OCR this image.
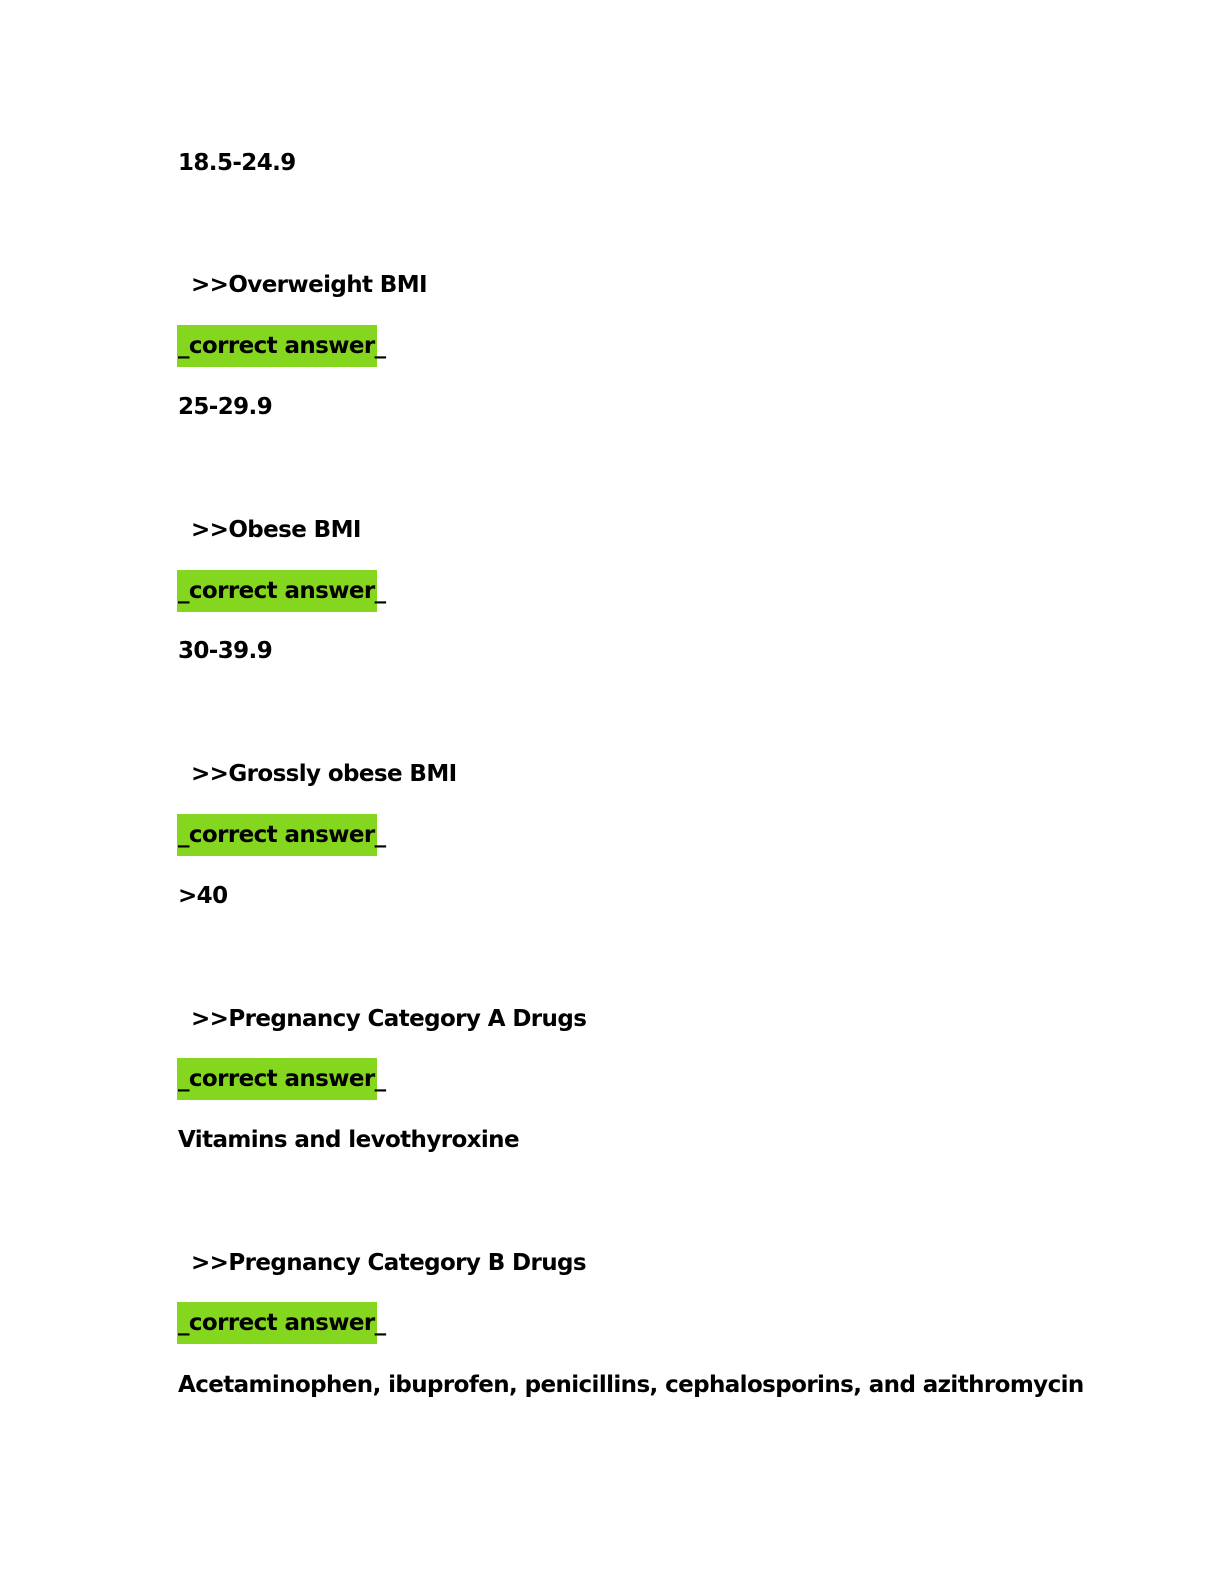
18.5-24.9
>>Overweight BMI
_correct answer_
25-29.9
>>Obese BMI
_correct answer_
30-39.9
>>Grossly obese BMI
_correct answer_
>40
>>Pregnancy Category A Drugs
_correct answer_
Vitamins and levothyroxine
>>Pregnancy Category B Drugs
_correct answer_
Acetaminophen, ibuprofen, penicillins, cephalosporins, and azithromycin
